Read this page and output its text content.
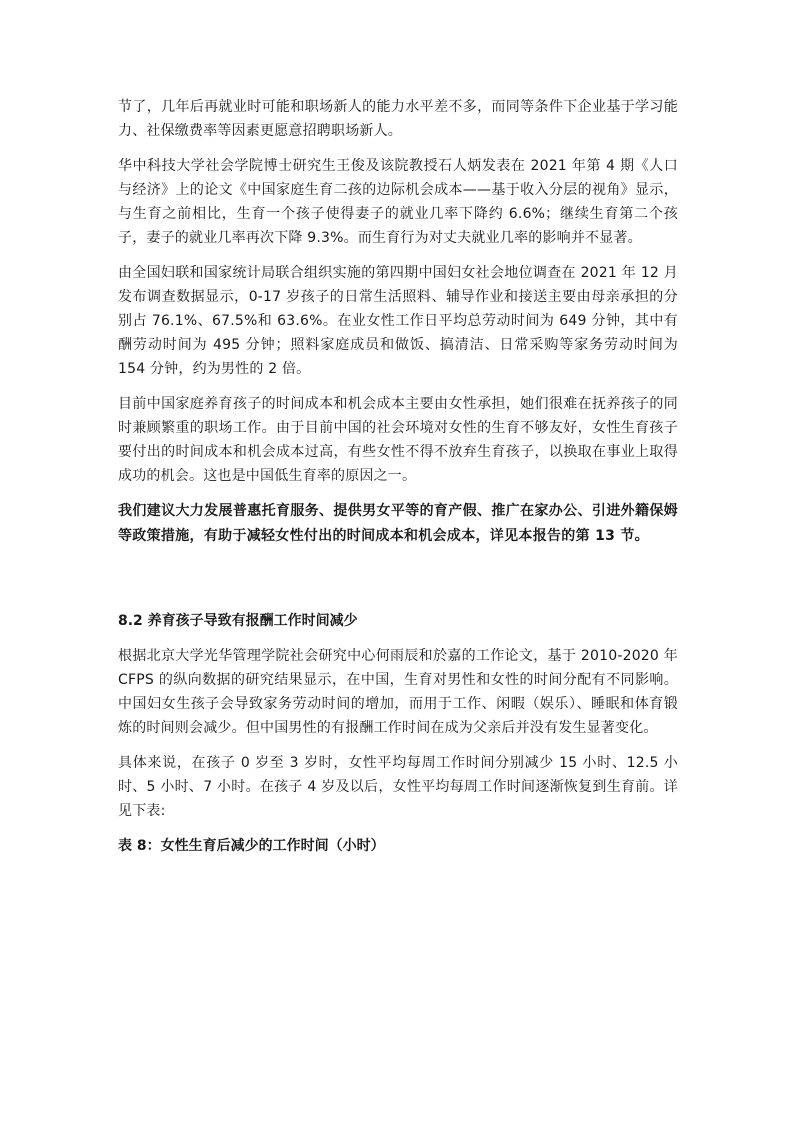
节了，几年后再就业时可能和职场新人的能力水平差不多，而同等条件下企业基于学习能力、社保缴费率等因素更愿意招聘职场新人。

华中科技大学社会学院博士研究生王俊及该院教授石人炳发表在 2021 年第 4 期《人口与经济》上的论文《中国家庭生育二孩的边际机会成本——基于收入分层的视角》显示，与生育之前相比，生育一个孩子使得妻子的就业几率下降约 6.6%；继续生育第二个孩子，妻子的就业几率再次下降 9.3%。而生育行为对丈夫就业几率的影响并不显著。

由全国妇联和国家统计局联合组织实施的第四期中国妇女社会地位调查在 2021 年 12 月发布调查数据显示，0-17 岁孩子的日常生活照料、辅导作业和接送主要由母亲承担的分别占 76.1%、67.5%和 63.6%。在业女性工作日平均总劳动时间为 649 分钟，其中有酬劳动时间为 495 分钟；照料家庭成员和做饭、搞清洁、日常采购等家务劳动时间为 154 分钟，约为男性的 2 倍。

目前中国家庭养育孩子的时间成本和机会成本主要由女性承担，她们很难在抚养孩子的同时兼顾繁重的职场工作。由于目前中国的社会环境对女性的生育不够友好，女性生育孩子要付出的时间成本和机会成本过高，有些女性不得不放弃生育孩子，以换取在事业上取得成功的机会。这也是中国低生育率的原因之一。

我们建议大力发展普惠托育服务、提供男女平等的育产假、推广在家办公、引进外籍保姆等政策措施，有助于减轻女性付出的时间成本和机会成本，详见本报告的第 13 节。

8.2 养育孩子导致有报酬工作时间减少

根据北京大学光华管理学院社会研究中心何雨辰和於嘉的工作论文，基于 2010-2020 年 CFPS 的纵向数据的研究结果显示，在中国，生育对男性和女性的时间分配有不同影响。中国妇女生孩子会导致家务劳动时间的增加，而用于工作、闲暇（娱乐）、睡眠和体育锻炼的时间则会减少。但中国男性的有报酬工作时间在成为父亲后并没有发生显著变化。

具体来说，在孩子 0 岁至 3 岁时，女性平均每周工作时间分别减少 15 小时、12.5 小时、5 小时、7 小时。在孩子 4 岁及以后，女性平均每周工作时间逐渐恢复到生育前。详见下表:

表 8：女性生育后减少的工作时间（小时）
